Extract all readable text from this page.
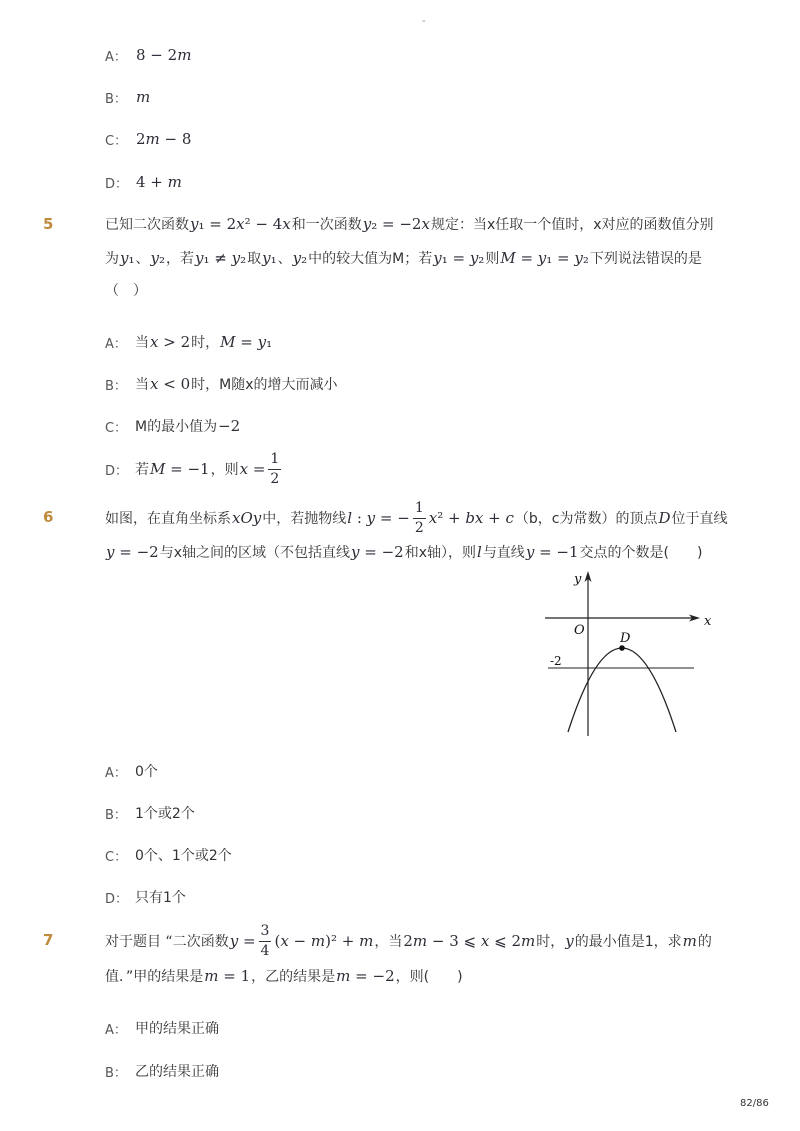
-
A： 8 − 2m
B： m
C： 2m − 8
D： 4 + m
5	已知二次函数 y₁ = 2x² − 4x 和一次函数 y₂ = −2x 规定：当x任取一个值时，x对应的函数值分别
为 y₁ 、 y₂ ，若 y₁ ≠ y₂ 取 y₁ 、 y₂ 中的较大值为M；若 y₁ = y₂ 则 M = y₁ = y₂ 下列说法错误的是
（　）
A： 当 x > 2 时， M = y₁
B： 当 x < 0 时，M随x的增大而减小
C： M的最小值为 −2
D： 若 M = −1 ，则 $x = \frac{1}{2}$
6	如图，在直角坐标系 xOy 中，若抛物线 l : y = − $\frac{1}{2} x^2$ + bx + c （b，c为常数）的顶点 D 位于直线
y = −2 与x轴之间的区域（不包括直线 y = −2 和x轴），则 l 与直线 y = −1 交点的个数是(　　)
y
x
O
D
-2
A： 0个
B： 1个或2个
C： 0个、1个或2个
D： 只有1个
7	对于题目 “二次函数 $y = \frac{3}{4} (x - m)^2 + m$ ，当 2m − 3 ⩽ x ⩽ 2m 时， y 的最小值是1，求 m 的
值．”甲的结果是 m = 1 ，乙的结果是 m = −2 ，则(　　)
A： 甲的结果正确
B： 乙的结果正确
82/86
